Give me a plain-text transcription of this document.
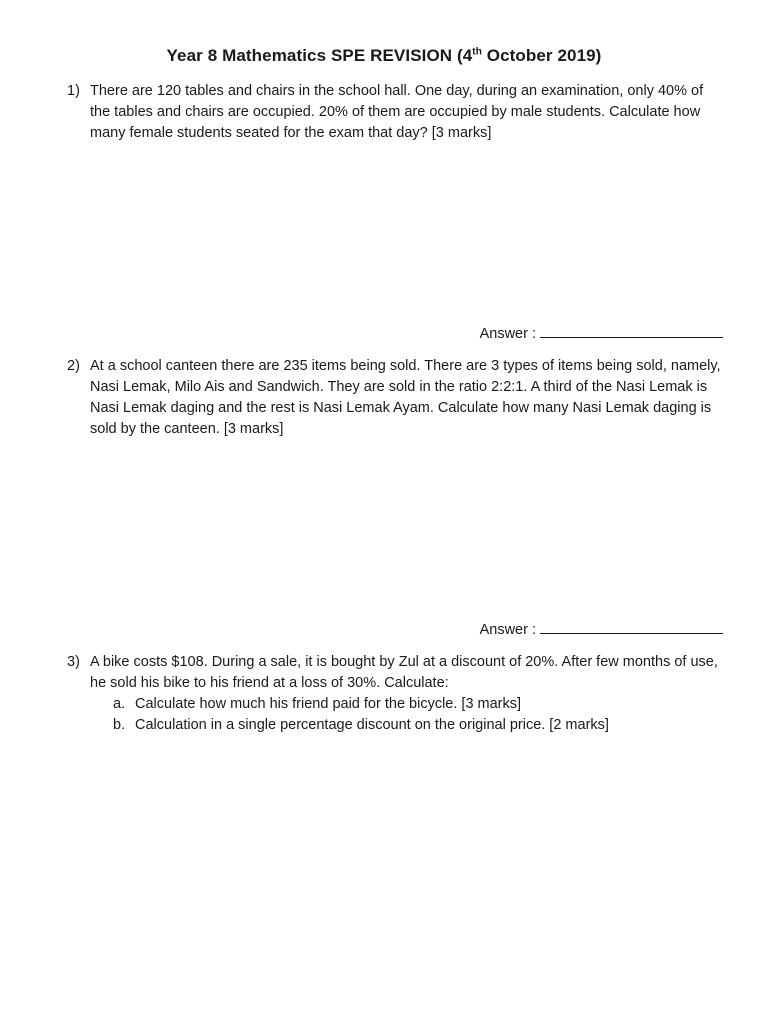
Year 8 Mathematics SPE REVISION (4th October 2019)
1) There are 120 tables and chairs in the school hall. One day, during an examination, only 40% of the tables and chairs are occupied. 20% of them are occupied by male students. Calculate how many female students seated for the exam that day? [3 marks]
Answer :
2) At a school canteen there are 235 items being sold. There are 3 types of items being sold, namely, Nasi Lemak, Milo Ais and Sandwich. They are sold in the ratio 2:2:1. A third of the Nasi Lemak is Nasi Lemak daging and the rest is Nasi Lemak Ayam. Calculate how many Nasi Lemak daging is sold by the canteen. [3 marks]
Answer :
3) A bike costs $108. During a sale, it is bought by Zul at a discount of 20%. After few months of use, he sold his bike to his friend at a loss of 30%. Calculate:
a. Calculate how much his friend paid for the bicycle. [3 marks]
b. Calculation in a single percentage discount on the original price. [2 marks]
